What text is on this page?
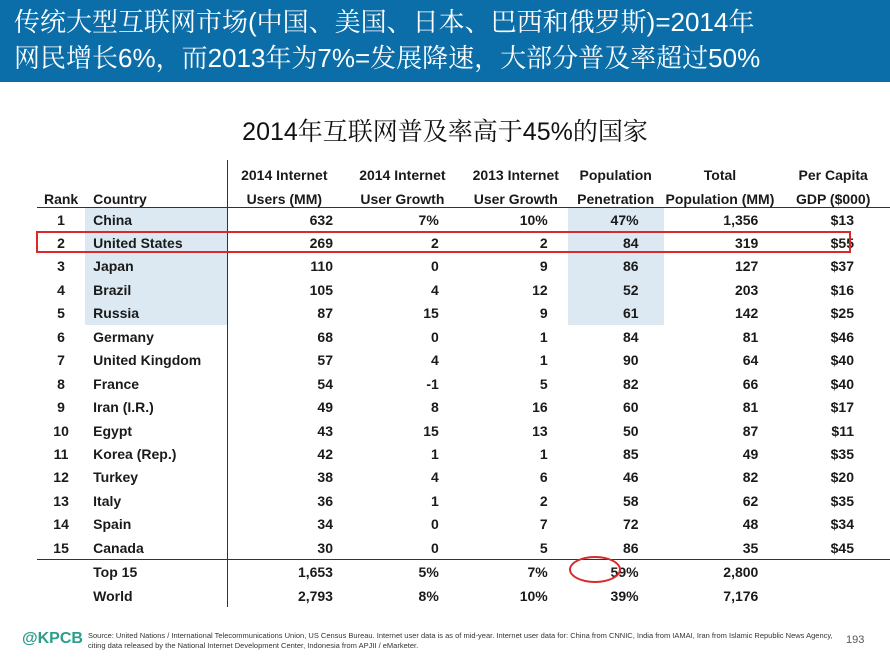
传统大型互联网市场(中国、美国、日本、巴西和俄罗斯)=2014年
网民增长6%，而2013年为7%=发展降速，大部分普及率超过50%
2014年互联网普及率高于45%的国家
		2014 Internet	2014 Internet	2013 Internet	Population	Total	Per Capita
Rank	Country	Users (MM)	User Growth	User Growth	Penetration	Population (MM)	GDP ($000)
1	China	632	7%	10%	47%	1,356	$13
2	United States	269	2	2	84	319	$55
3	Japan	110	0	9	86	127	$37
4	Brazil	105	4	12	52	203	$16
5	Russia	87	15	9	61	142	$25
6	Germany	68	0	1	84	81	$46
7	United Kingdom	57	4	1	90	64	$40
8	France	54	-1	5	82	66	$40
9	Iran (I.R.)	49	8	16	60	81	$17
10	Egypt	43	15	13	50	87	$11
11	Korea (Rep.)	42	1	1	85	49	$35
12	Turkey	38	4	6	46	82	$20
13	Italy	36	1	2	58	62	$35
14	Spain	34	0	7	72	48	$34
15	Canada	30	0	5	86	35	$45
	Top 15	1,653	5%	7%	59%	2,800	
	World	2,793	8%	10%	39%	7,176	
@KPCB Source: United Nations / International Telecommunications Union, US Census Bureau. Internet user data is as of mid-year. Internet user data for: China from CNNIC, India from IAMAI, Iran from Islamic Republic News Agency, citing data released by the National Internet Development Center, Indonesia from APJII / eMarketer.	193
